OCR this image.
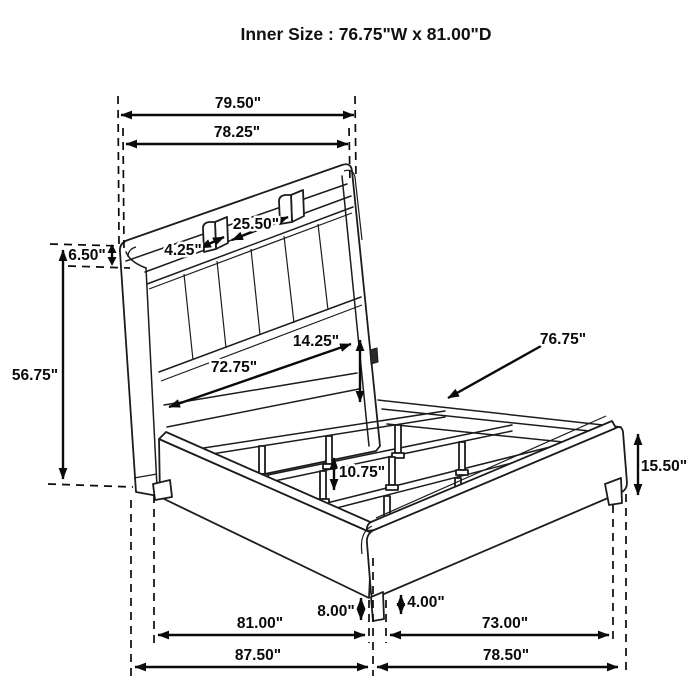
Inner Size : 76.75"W x 81.00"D
79.50"
78.25"
25.50"
4.25"
6.50"
56.75"
14.25"
72.75"
76.75"
15.50"
10.75"
8.00"
4.00"
81.00"
87.50"
73.00"
78.50"
